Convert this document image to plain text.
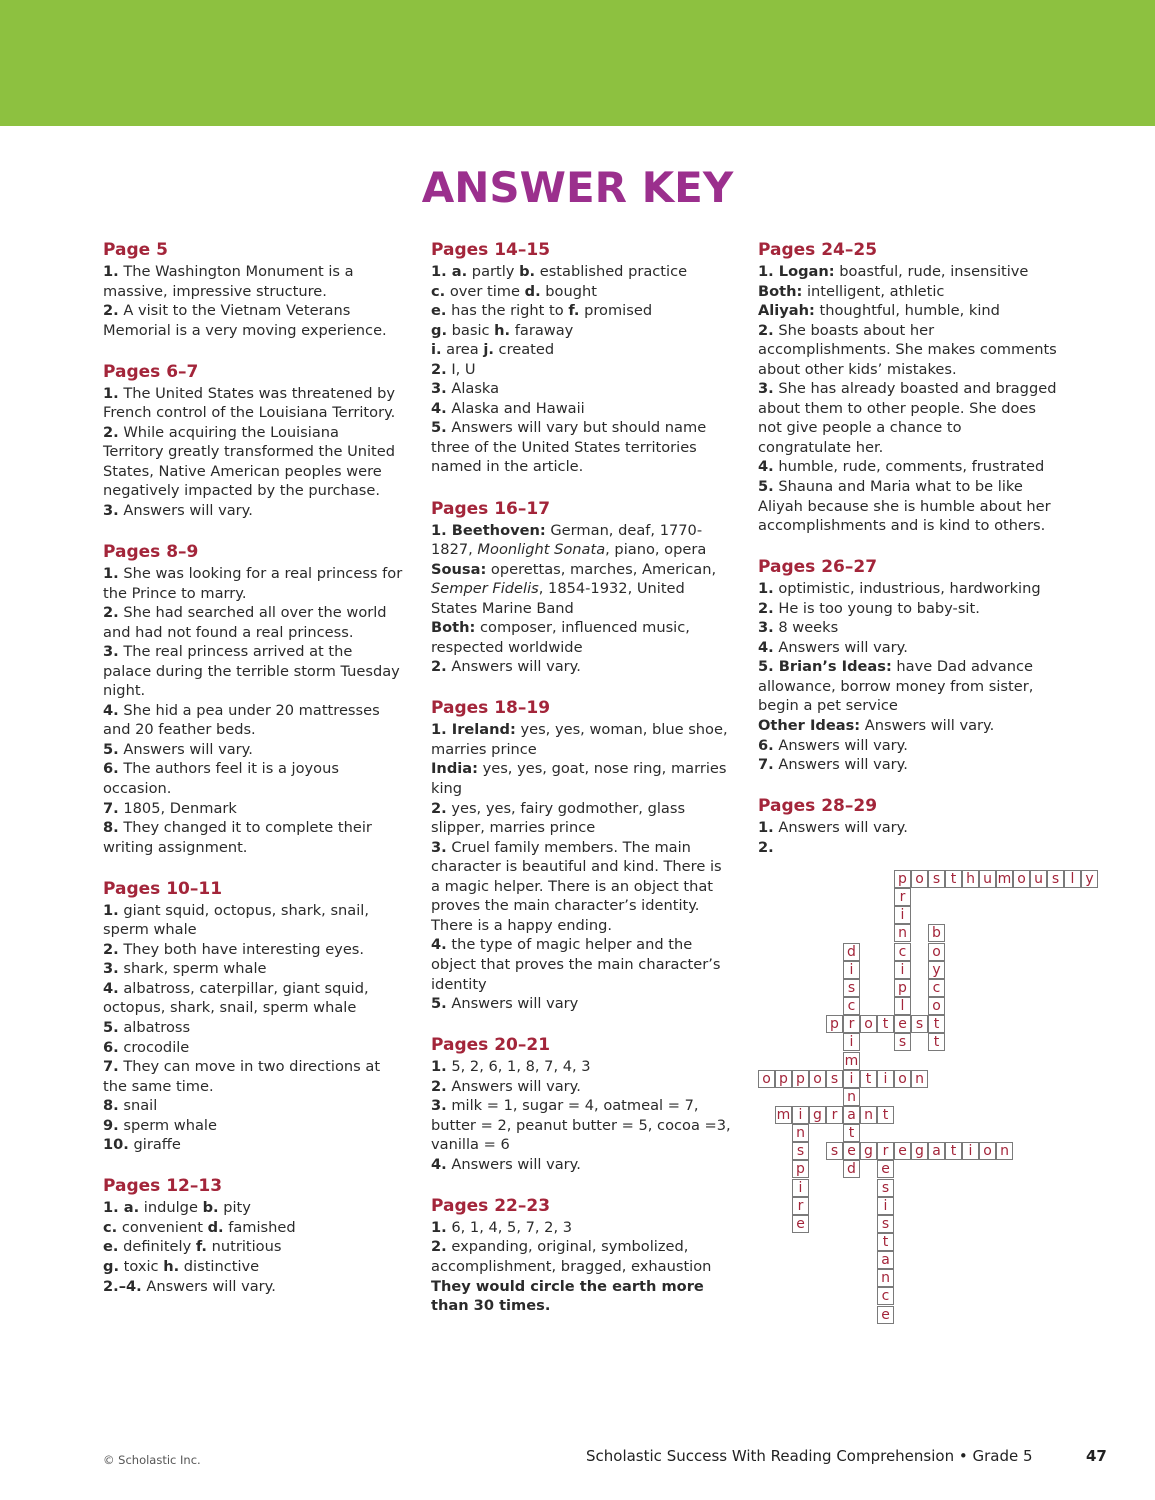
ANSWER KEY
Page 5
1. The Washington Monument is a massive, impressive structure.
2. A visit to the Vietnam Veterans Memorial is a very moving experience.
Pages 6–7
1. The United States was threatened by French control of the Louisiana Territory.
2. While acquiring the Louisiana Territory greatly transformed the United States, Native American peoples were negatively impacted by the purchase.
3. Answers will vary.
Pages 8–9
1. She was looking for a real princess for the Prince to marry.
2. She had searched all over the world and had not found a real princess.
3. The real princess arrived at the palace during the terrible storm Tuesday night.
4. She hid a pea under 20 mattresses and 20 feather beds.
5. Answers will vary.
6. The authors feel it is a joyous occasion.
7. 1805, Denmark
8. They changed it to complete their writing assignment.
Pages 10–11
1. giant squid, octopus, shark, snail, sperm whale
2. They both have interesting eyes.
3. shark, sperm whale
4. albatross, caterpillar, giant squid, octopus, shark, snail, sperm whale
5. albatross
6. crocodile
7. They can move in two directions at the same time.
8. snail
9. sperm whale
10. giraffe
Pages 12–13
1. a. indulge b. pity
c. convenient d. famished
e. definitely f. nutritious
g. toxic h. distinctive
2.–4. Answers will vary.
Pages 14–15
1. a. partly b. established practice
c. over time d. bought
e. has the right to f. promised
g. basic h. faraway
i. area j. created
2. I, U
3. Alaska
4. Alaska and Hawaii
5. Answers will vary but should name three of the United States territories named in the article.
Pages 16–17
1. Beethoven: German, deaf, 1770-1827, Moonlight Sonata, piano, opera
Sousa: operettas, marches, American, Semper Fidelis, 1854-1932, United States Marine Band
Both: composer, influenced music, respected worldwide
2. Answers will vary.
Pages 18–19
1. Ireland: yes, yes, woman, blue shoe, marries prince
India: yes, yes, goat, nose ring, marries king
2. yes, yes, fairy godmother, glass slipper, marries prince
3. Cruel family members. The main character is beautiful and kind. There is a magic helper. There is an object that proves the main character’s identity. There is a happy ending.
4. the type of magic helper and the object that proves the main character’s identity
5. Answers will vary
Pages 20–21
1. 5, 2, 6, 1, 8, 7, 4, 3
2. Answers will vary.
3. milk = 1, sugar = 4, oatmeal = 7, butter = 2, peanut butter = 5, cocoa =3, vanilla = 6
4. Answers will vary.
Pages 22–23
1. 6, 1, 4, 5, 7, 2, 3
2. expanding, original, symbolized, accomplishment, bragged, exhaustion
They would circle the earth more than 30 times.
Pages 24–25
1. Logan: boastful, rude, insensitive
Both: intelligent, athletic
Aliyah: thoughtful, humble, kind
2. She boasts about her accomplishments. She makes comments about other kids’ mistakes.
3. She has already boasted and bragged about them to other people. She does not give people a chance to congratulate her.
4. humble, rude, comments, frustrated
5. Shauna and Maria what to be like Aliyah because she is humble about her accomplishments and is kind to others.
Pages 26–27
1. optimistic, industrious, hardworking
2. He is too young to baby-sit.
3. 8 weeks
4. Answers will vary.
5. Brian’s Ideas: have Dad advance allowance, borrow money from sister, begin a pet service
Other Ideas: Answers will vary.
6. Answers will vary.
7. Answers will vary.
Pages 28–29
1. Answers will vary.
2.
p o s t h u m o u s l y
r
i
n
c
i
p
l
e
s
b
o
y
c
o
t
t
d
i
s
c
r
i
m
i
n
a
t
e
d
p	o t	s
o p p o s	t i o n
m i g r	n t
n
s
p
i
r
e
s	g r e g a t i o n
e
s
i
s
t
a
n
c
e
© Scholastic Inc.	Scholastic Success With Reading Comprehension • Grade 5	47
